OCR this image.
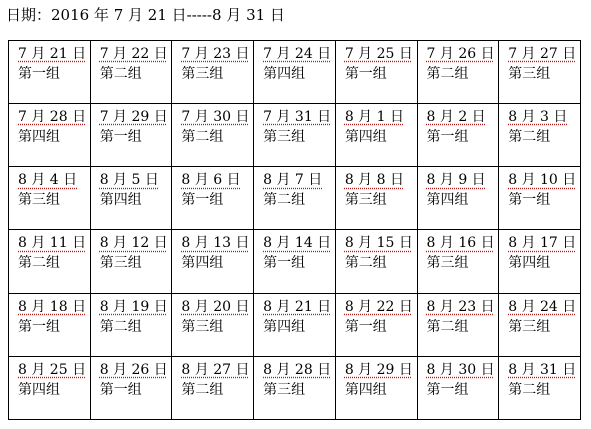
日期：2016 年 7 月 21 日-----8 月 31 日
7 月 21 日
第一组	7 月 22 日
第二组	7 月 23 日
第三组	7 月 24 日
第四组	7 月 25 日
第一组	7 月 26 日
第二组	7 月 27 日
第三组

7 月 28 日
第四组	7 月 29 日
第一组	7 月 30 日
第二组	7 月 31 日
第三组	8 月 1 日
第四组	8 月 2 日
第一组	8 月 3 日
第二组

8 月 4 日
第三组	8 月 5 日
第四组	8 月 6 日
第一组	8 月 7 日
第二组	8 月 8 日
第三组	8 月 9 日
第四组	8 月 10 日
第一组

8 月 11 日
第二组	8 月 12 日
第三组	8 月 13 日
第四组	8 月 14 日
第一组	8 月 15 日
第二组	8 月 16 日
第三组	8 月 17 日
第四组

8 月 18 日
第一组	8 月 19 日
第二组	8 月 20 日
第三组	8 月 21 日
第四组	8 月 22 日
第一组	8 月 23 日
第二组	8 月 24 日
第三组

8 月 25 日
第四组	8 月 26 日
第一组	8 月 27 日
第二组	8 月 28 日
第三组	8 月 29 日
第四组	8 月 30 日
第一组	8 月 31 日
第二组
